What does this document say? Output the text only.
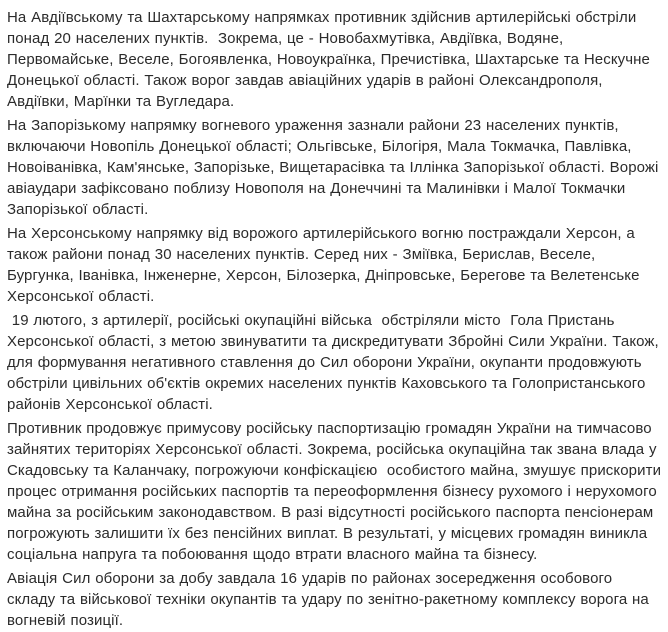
На Авдіївському та Шахтарському напрямках противник здійснив артилерійські обстріли понад 20 населених пунктів.  Зокрема, це - Новобахмутівка, Авдіївка, Водяне, Первомайське, Веселе, Богоявленка, Новоукраїнка, Пречистівка, Шахтарське та Нескучне Донецької області. Також ворог завдав авіаційних ударів в районі Олександрополя, Авдіївки, Марїнки та Вугледара.

На Запорізькому напрямку вогневого ураження зазнали райони 23 населених пунктів, включаючи Новопіль Донецької області; Ольгівське, Білогіря, Мала Токмачка, Павлівка, Новоіванівка, Кам'янське, Запорізьке, Вищетарасівка та Іллінка Запорізької області. Ворожі авіаудари зафіксовано поблизу Новополя на Донеччині та Малинівки і Малої Токмачки Запорізької області.

На Херсонському напрямку від ворожого артилерійського вогню постраждали Херсон, а також райони понад 30 населених пунктів. Серед них - Зміївка, Берислав, Веселе, Бургунка, Іванівка, Інженерне, Херсон, Білозерка, Дніпровське, Берегове та Велетенське Херсонської області.

19 лютого, з артилерії, російські окупаційні війська  обстріляли місто  Гола Пристань Херсонської області, з метою звинуватити та дискредитувати Збройні Сили України. Також, для формування негативного ставлення до Сил оборони України, окупанти продовжують обстріли цивільних об'єктів окремих населених пунктів Каховського та Голопристанського районів Херсонської області.

Противник продовжує примусову російську паспортизацію громадян України на тимчасово зайнятих територіях Херсонської області. Зокрема, російська окупаційна так звана влада у Скадовську та Каланчаку, погрожуючи конфіскацією  особистого майна, змушує прискорити процес отримання російських паспортів та переоформлення бізнесу рухомого і нерухомого майна за російським законодавством. В разі відсутності російського паспорта пенсіонерам погрожують залишити їх без пенсійних виплат. В результаті, у місцевих громадян виникла соціальна напруга та побоювання щодо втрати власного майна та бізнесу.

Авіація Сил оборони за добу завдала 16 ударів по районах зосередження особового складу та військової техніки окупантів та удару по зенітно-ракетному комплексу ворога на вогневій позиції.
